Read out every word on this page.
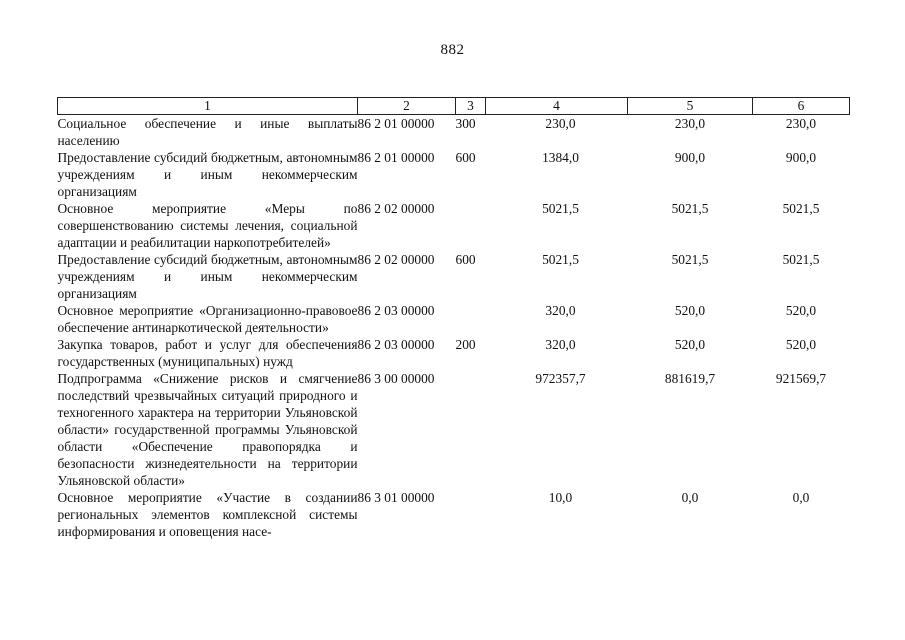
882
1	2	3	4	5	6
Социальное обеспечение и иные выплаты населению	86 2 01 00000	300	230,0	230,0	230,0
Предоставление субсидий бюджетным, автономным учреждениям и иным некоммерческим организациям	86 2 01 00000	600	1384,0	900,0	900,0
Основное мероприятие «Меры по совершенствованию системы лечения, социальной адаптации и реабилитации наркопотребителей»	86 2 02 00000		5021,5	5021,5	5021,5
Предоставление субсидий бюджетным, автономным учреждениям и иным некоммерческим организациям	86 2 02 00000	600	5021,5	5021,5	5021,5
Основное мероприятие «Организационно-правовое обеспечение антинаркотической деятельности»	86 2 03 00000		320,0	520,0	520,0
Закупка товаров, работ и услуг для обеспечения государственных (муниципальных) нужд	86 2 03 00000	200	320,0	520,0	520,0
Подпрограмма «Снижение рисков и смягчение последствий чрезвычайных ситуаций природного и техногенного характера на территории Ульяновской области» государственной программы Ульяновской области «Обеспечение правопорядка и безопасности жизнедеятельности на территории Ульяновской области»	86 3 00 00000		972357,7	881619,7	921569,7
Основное мероприятие «Участие в создании региональных элементов комплексной системы информирования и оповещения насе-	86 3 01 00000		10,0	0,0	0,0
